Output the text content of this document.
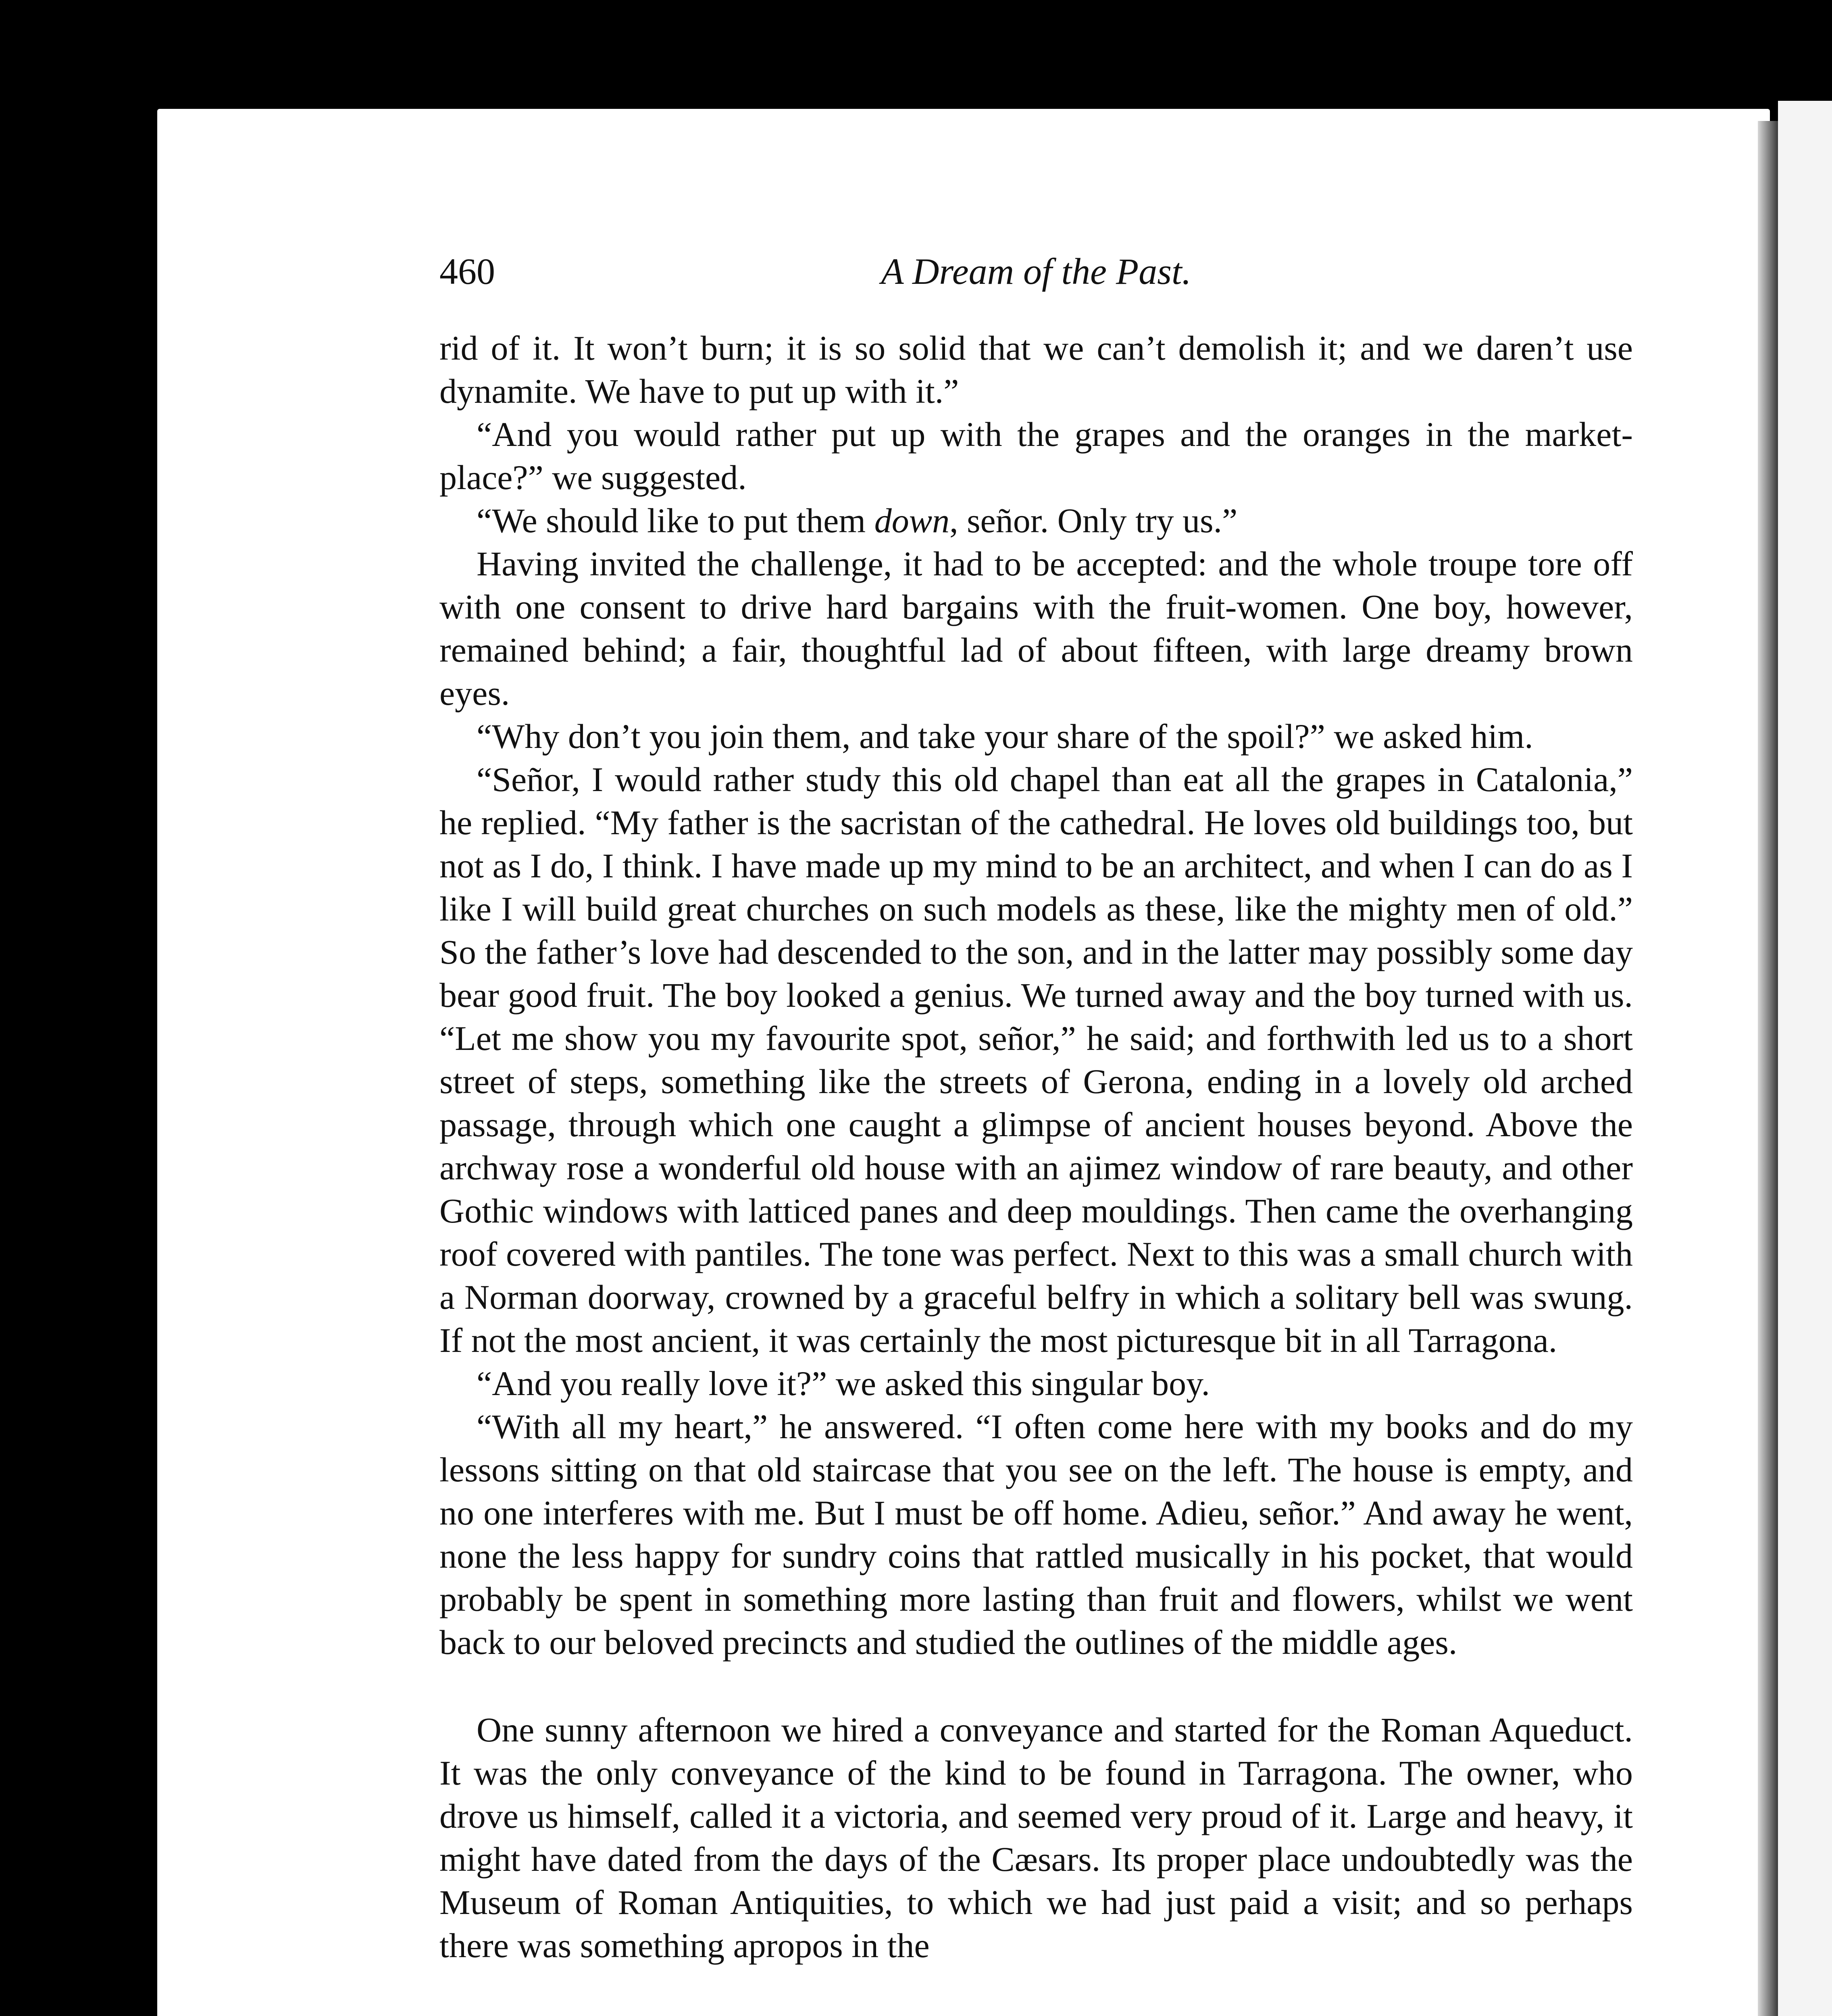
460	A Dream of the Past.

rid of it. It won’t burn; it is so solid that we can’t demolish it; and we daren’t use dynamite. We have to put up with it.”

“And you would rather put up with the grapes and the oranges in the market-place?” we suggested.

“We should like to put them down, señor. Only try us.”

Having invited the challenge, it had to be accepted: and the whole troupe tore off with one consent to drive hard bargains with the fruit-women. One boy, however, remained behind; a fair, thoughtful lad of about fifteen, with large dreamy brown eyes.

“Why don’t you join them, and take your share of the spoil?” we asked him.

“Señor, I would rather study this old chapel than eat all the grapes in Catalonia,” he replied. “My father is the sacristan of the cathedral. He loves old buildings too, but not as I do, I think. I have made up my mind to be an architect, and when I can do as I like I will build great churches on such models as these, like the mighty men of old.” So the father’s love had descended to the son, and in the latter may possibly some day bear good fruit. The boy looked a genius. We turned away and the boy turned with us. “Let me show you my favourite spot, señor,” he said; and forthwith led us to a short street of steps, something like the streets of Gerona, ending in a lovely old arched passage, through which one caught a glimpse of ancient houses beyond. Above the archway rose a wonderful old house with an ajimez window of rare beauty, and other Gothic windows with latticed panes and deep mouldings. Then came the overhanging roof covered with pantiles. The tone was perfect. Next to this was a small church with a Norman doorway, crowned by a graceful belfry in which a solitary bell was swung. If not the most ancient, it was certainly the most picturesque bit in all Tarragona.

“And you really love it?” we asked this singular boy.

“With all my heart,” he answered. “I often come here with my books and do my lessons sitting on that old staircase that you see on the left. The house is empty, and no one interferes with me. But I must be off home. Adieu, señor.” And away he went, none the less happy for sundry coins that rattled musically in his pocket, that would probably be spent in something more lasting than fruit and flowers, whilst we went back to our beloved precincts and studied the outlines of the middle ages.

One sunny afternoon we hired a conveyance and started for the Roman Aqueduct. It was the only conveyance of the kind to be found in Tarragona. The owner, who drove us himself, called it a victoria, and seemed very proud of it. Large and heavy, it might have dated from the days of the Cæsars. Its proper place undoubtedly was the Museum of Roman Antiquities, to which we had just paid a visit; and so perhaps there was something apropos in the
